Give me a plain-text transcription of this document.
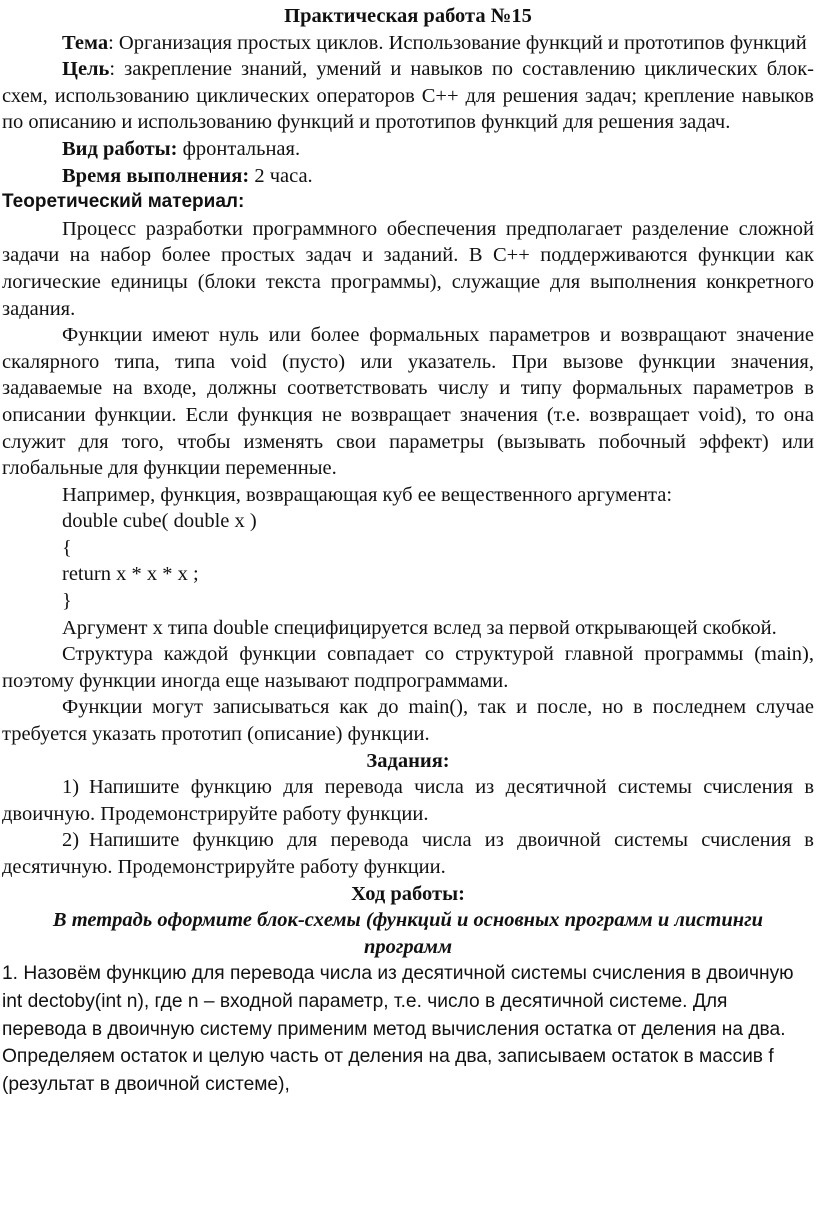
Практическая работа №15

Тема: Организация простых циклов. Использование функций и прототипов функций

Цель: закрепление знаний, умений и навыков по составлению циклических блок-схем, использованию циклических операторов С++ для решения задач; крепление навыков по описанию и использованию функций и прототипов функций для решения задач.

Вид работы: фронтальная.

Время выполнения: 2 часа.

Теоретический материал:

Процесс разработки программного обеспечения предполагает разделение сложной задачи на набор более простых задач и заданий. В С++ поддерживаются функции как логические единицы (блоки текста программы), служащие для выполнения конкретного задания.

Функции имеют нуль или более формальных параметров и возвращают значение скалярного типа, типа void (пусто) или указатель. При вызове функции значения, задаваемые на входе, должны соответствовать числу и типу формальных параметров в описании функции. Если функция не возвращает значения (т.е. возвращает void), то она служит для того, чтобы изменять свои параметры (вызывать побочный эффект) или глобальные для функции переменные.

Например, функция, возвращающая куб ее вещественного аргумента:

double cube( double x )

{

return x * x * x ;

}

Аргумент x типа double специфицируется вслед за первой открывающей скобкой.

Структура каждой функции совпадает со структурой главной программы (main), поэтому функции иногда еще называют подпрограммами.

Функции могут записываться как до main(), так и после, но в последнем случае требуется указать прототип (описание) функции.

Задания:

1) Напишите функцию для перевода числа из десятичной системы счисления в двоичную. Продемонстрируйте работу функции.

2) Напишите функцию для перевода числа из двоичной системы счисления в десятичную. Продемонстрируйте работу функции.

Ход работы:

В тетрадь оформите блок-схемы (функций и основных программ и листинги программ

1. Назовём функцию для перевода числа из десятичной системы счисления в двоичную int dectoby(int n), где n – входной параметр, т.е. число в десятичной системе. Для перевода в двоичную систему применим метод вычисления остатка от деления на два. Определяем остаток и целую часть от деления на два, записываем остаток в массив f (результат в двоичной системе),
